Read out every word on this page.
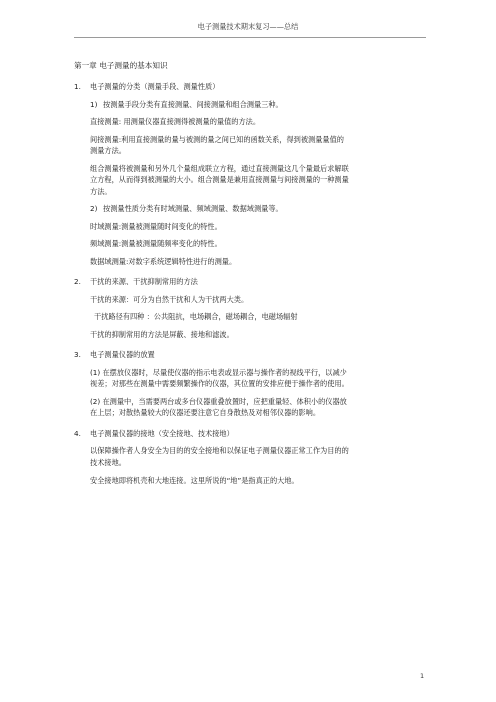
电子测量技术期末复习——总结
第一章 电子测量的基本知识
1. 电子测量的分类（测量手段、测量性质）

1) 按测量手段分类有直接测量、间接测量和组合测量三种。

直接测量: 用测量仪器直接测得被测量的量值的方法。

间接测量:利用直接测量的量与被测的量之间已知的函数关系，得到被测量量值的
测量方法。

组合测量将被测量和另外几个量组成联立方程，通过直接测量这几个量最后求解联
立方程，从而得到被测量的大小。组合测量是兼用直接测量与间接测量的一种测量
方法。

2) 按测量性质分类有时域测量、频域测量、数据域测量等。

时域测量:测量被测量随时间变化的特性。

频域测量:测量被测量随频率变化的特性。

数据域测量:对数字系统逻辑特性进行的测量。

2. 干扰的来源、干扰抑制常用的方法

干扰的来源：可分为自然干扰和人为干扰两大类。

干扰路径有四种 ：公共阻抗，电场耦合，磁场耦合，电磁场辐射

干扰的抑制常用的方法是屏蔽、接地和滤波。

3. 电子测量仪器的放置

(1) 在摆放仪器时，尽量使仪器的指示电表或显示器与操作者的视线平行，以减少
视差；对那些在测量中需要频繁操作的仪器，其位置的安排应便于操作者的使用。

(2) 在测量中，当需要两台或多台仪器重叠放置时，应把重量轻、体积小的仪器放
在上层；对散热量较大的仪器还要注意它自身散热及对相邻仪器的影响。

4. 电子测量仪器的接地（安全接地、技术接地）

以保障操作者人身安全为目的的安全接地和以保证电子测量仪器正常工作为目的的
技术接地。

安全接地即将机壳和大地连接。这里所说的“地”是指真正的大地。

1
